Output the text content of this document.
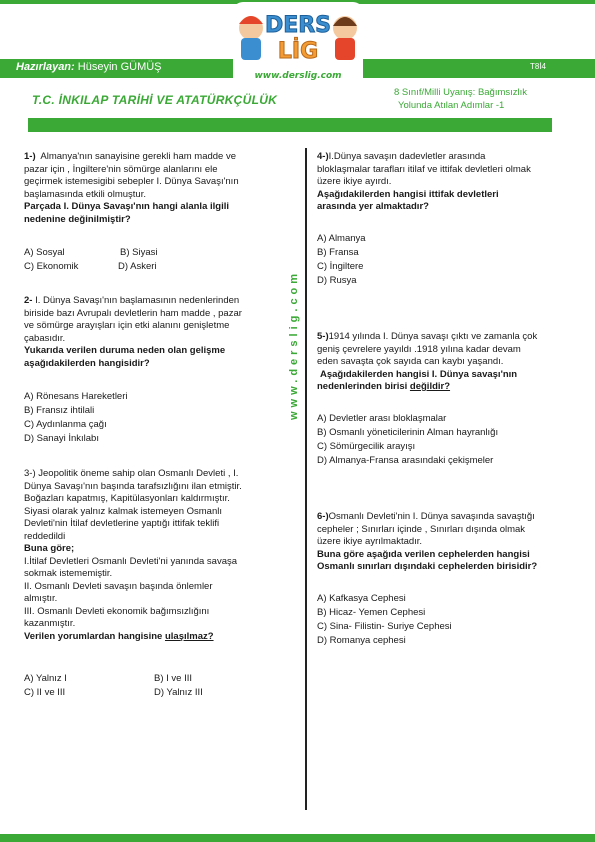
Hazırlayan: Hüseyin GÜMÜŞ	T8İ4
DERS
LİG
www.derslig.com
T.C. İNKILAP TARİHİ VE ATATÜRKÇÜLÜK
8 Sınıf/Milli Uyanış: Bağımsızlık
Yolunda Atılan Adımlar -1
www.derslig.com

1-) Almanya'nın sanayisine gerekli ham madde ve

pazar için , İngiltere'nin sömürge alanlarını ele

geçirmek istemesigibi sebepler I. Dünya Savaşı'nın

başlamasında etkili olmuştur.

Parçada I. Dünya Savaşı'nın hangi alanla ilgili

nedenine değinilmiştir?

A) Sosyal	B) Siyasi
C) Ekonomik	D) Askeri

2- I. Dünya Savaşı'nın başlamasının nedenlerinden

biriside bazı Avrupalı devletlerin ham madde , pazar

ve sömürge arayışları için etki alanını genişletme

çabasıdır.

Yukarıda verilen duruma neden olan gelişme

aşağıdakilerden hangisidir?

A) Rönesans Hareketleri
B) Fransız ihtilali
C) Aydınlanma çağı
D) Sanayi İnkılabı

3-) Jeopolitik öneme sahip olan Osmanlı Devleti , I.

Dünya Savaşı'nın başında tarafsızlığını ilan etmiştir.

Boğazları kapatmış, Kapitülasyonları kaldırmıştır.

Siyasi olarak yalnız kalmak istemeyen Osmanlı

Devleti'nin İtilaf devletlerine yaptığı ittifak teklifi

reddedildi

Buna göre;

I.İtilaf Devletleri Osmanlı Devleti'ni yanında savaşa

sokmak istememiştir.

II. Osmanlı Devleti savaşın başında önlemler

almıştır.

III. Osmanlı Devleti ekonomik bağımsızlığını

kazanmıştır.

Verilen yorumlardan hangisine ulaşılmaz?

A) Yalnız I	B) I ve III
C) II ve III	D) Yalnız III

4-)I.Dünya savaşın dadevletler arasında

bloklaşmalar tarafları itilaf ve ittifak devletleri olmak

üzere ikiye ayırdı.

Aşağıdakilerden hangisi ittifak devletleri

arasında yer almaktadır?

A) Almanya
B) Fransa
C) İngiltere
D) Rusya

5-)1914 yılında I. Dünya savaşı çıktı ve zamanla çok

geniş çevrelere yayıldı .1918 yılına kadar devam

eden savaşta çok sayıda can kaybı yaşandı.

Aşağıdakilerden hangisi I. Dünya savaşı'nın

nedenlerinden birisi değildir?

A) Devletler arası bloklaşmalar
B) Osmanlı yöneticilerinin Alman hayranlığı
C) Sömürgecilik arayışı
D) Almanya-Fransa arasındaki çekişmeler

6-)Osmanlı Devleti'nin I. Dünya savaşında savaştığı

cepheler ; Sınırları içinde , Sınırları dışında olmak

üzere ikiye ayrılmaktadır.

Buna göre aşağıda verilen cephelerden hangisi

Osmanlı sınırları dışındaki cephelerden birisidir?

A) Kafkasya Cephesi
B) Hicaz- Yemen Cephesi
C) Sina- Filistin- Suriye Cephesi
D) Romanya cephesi
